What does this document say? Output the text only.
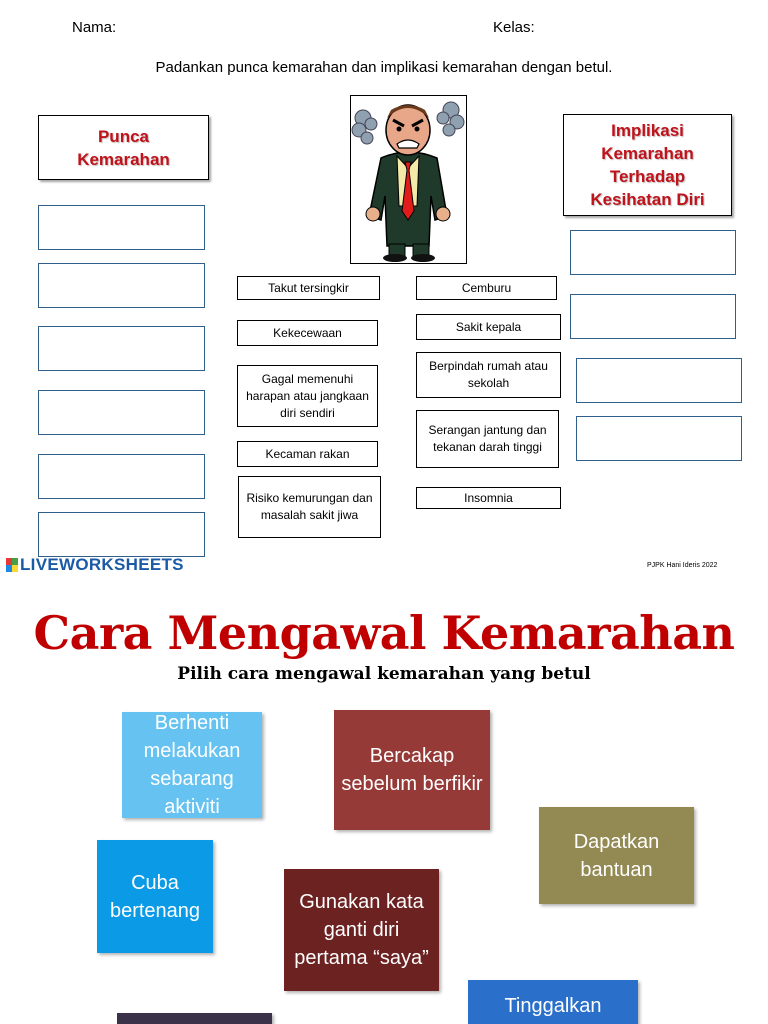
Nama:	Kelas:
Padankan punca kemarahan dan implikasi kemarahan dengan betul.
Punca
Kemarahan
Implikasi
Kemarahan
Terhadap
Kesihatan Diri
Takut tersingkir
Kekecewaan
Gagal memenuhi harapan atau jangkaan diri sendiri
Kecaman rakan
Risiko kemurungan dan masalah sakit jiwa
Cemburu
Sakit kepala
Berpindah rumah atau sekolah
Serangan jantung dan tekanan darah tinggi
Insomnia
LIVEWORKSHEETS	PJPK Hani Ideris 2022
Cara Mengawal Kemarahan
Pilih cara mengawal kemarahan yang betul
Berhenti melakukan sebarang aktiviti
Bercakap sebelum berfikir
Dapatkan bantuan
Cuba bertenang	Gunakan kata ganti diri pertama “saya”
Tinggalkan
